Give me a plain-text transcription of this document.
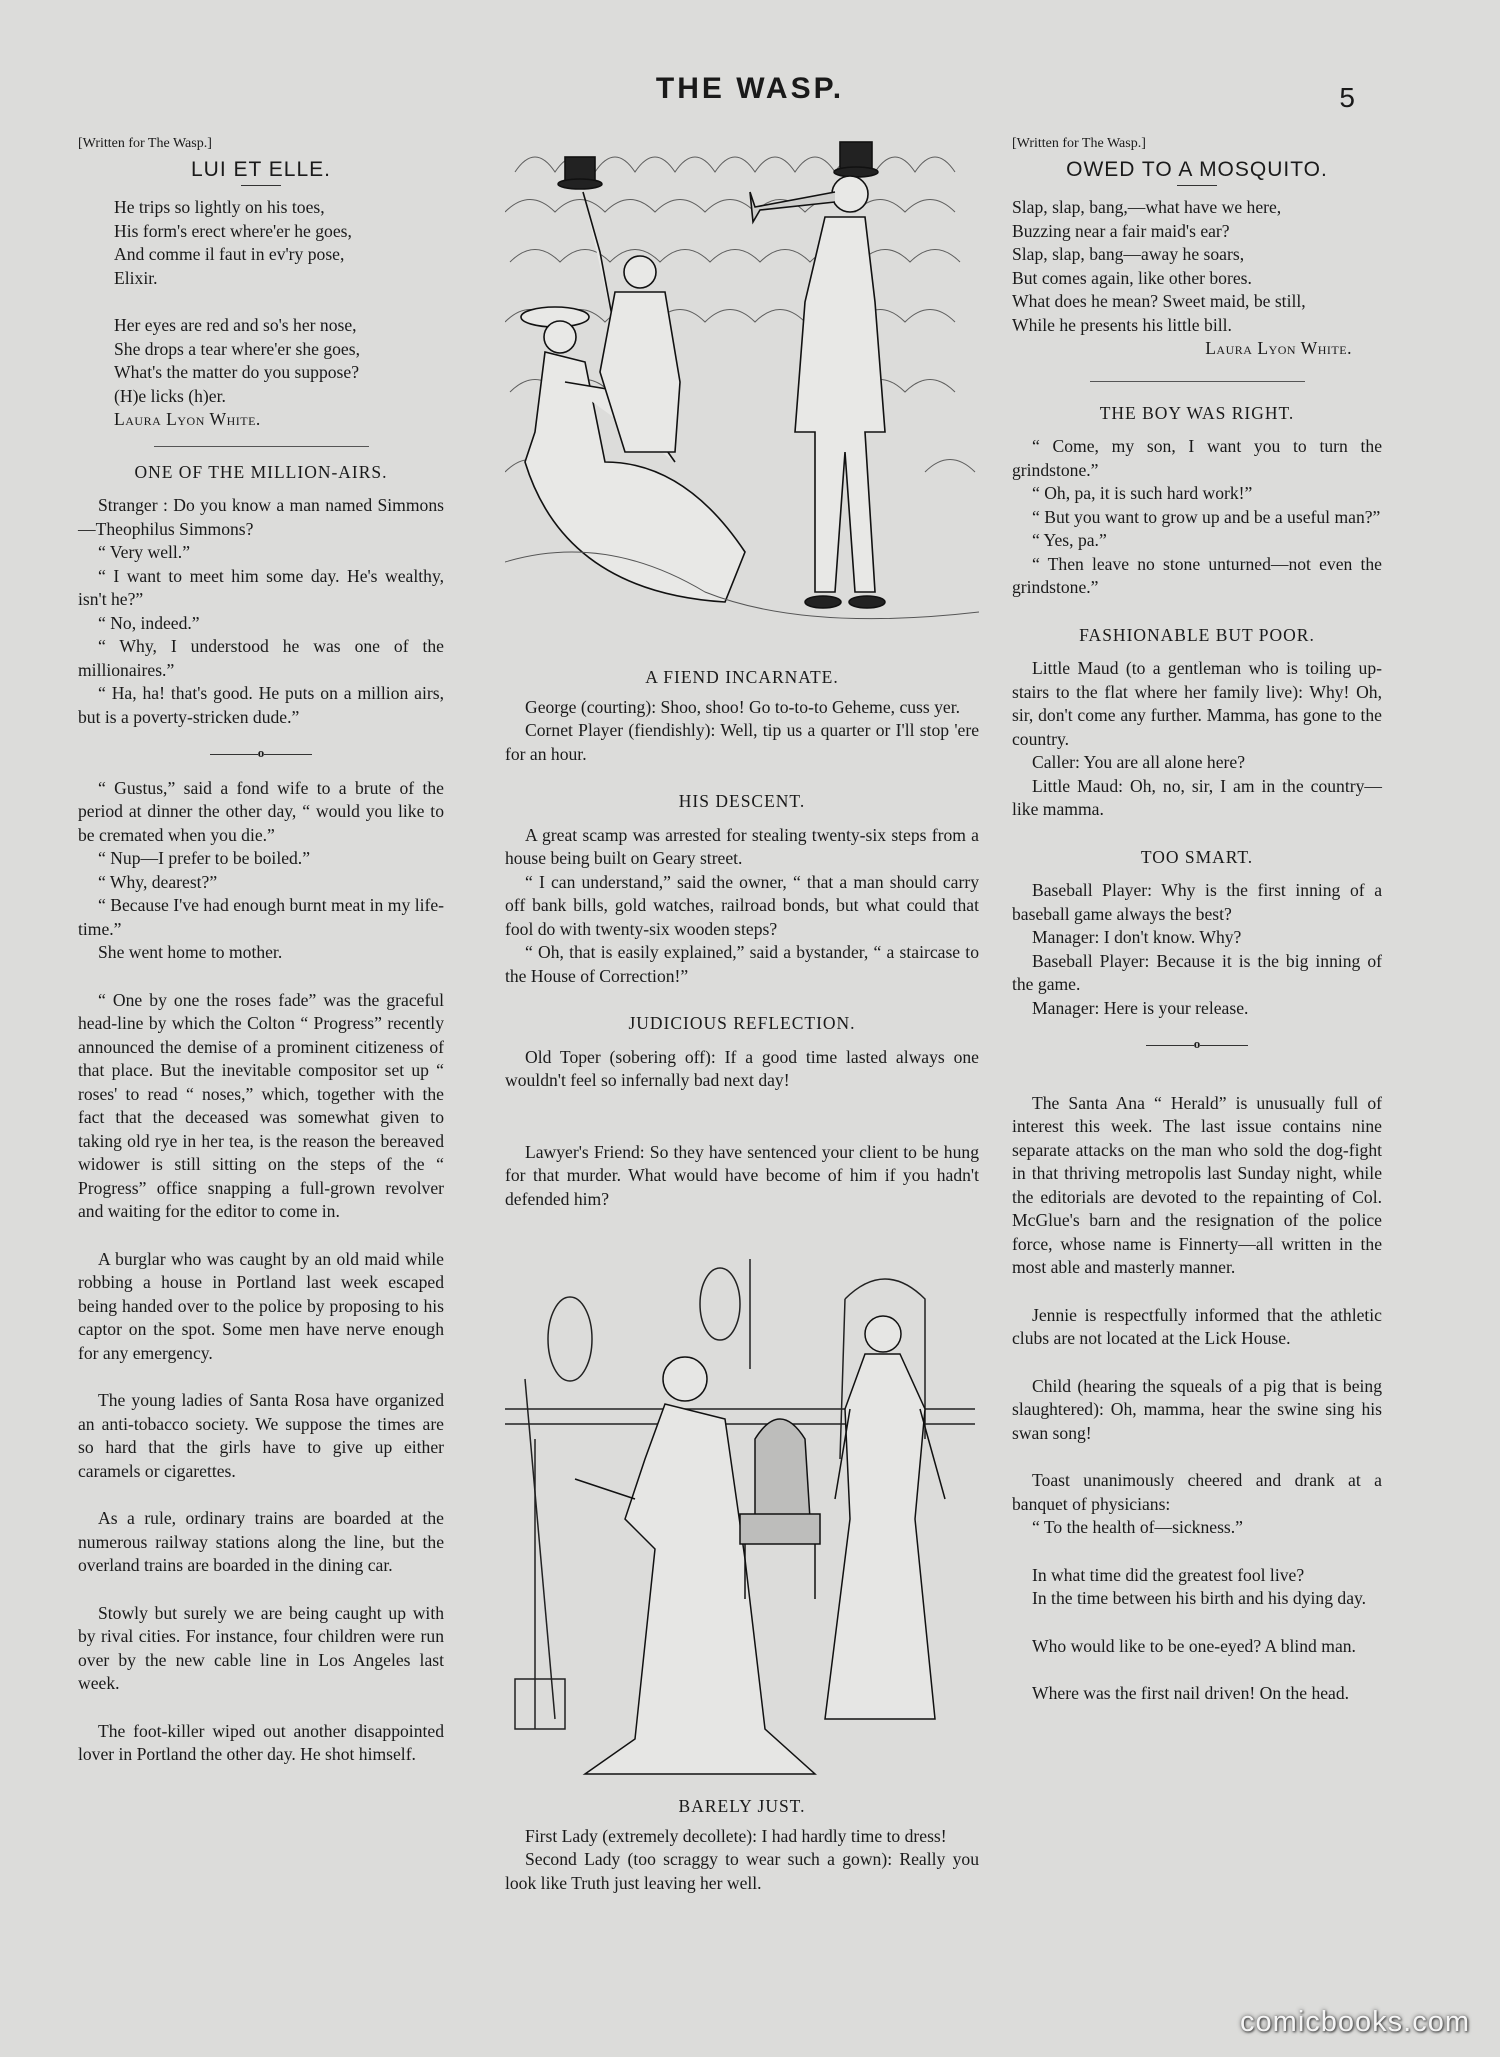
THE WASP.	5

[Written for The Wasp.]

LUI ET ELLE.

He trips so lightly on his toes,

His form's erect where'er he goes,

And comme il faut in ev'ry pose,

Elixir.

Her eyes are red and so's her nose,

She drops a tear where'er she goes,

What's the matter do you suppose?

(H)e licks (h)er.

Laura Lyon White.

ONE OF THE MILLION-AIRS.

Stranger : Do you know a man named Simmons—Theophilus Simmons?

“ Very well.”

“ I want to meet him some day. He's wealthy, isn't he?”

“ No, indeed.”

“ Why, I understood he was one of the millionaires.”

“ Ha, ha! that's good. He puts on a million airs, but is a poverty-stricken dude.”

o

“ Gustus,” said a fond wife to a brute of the period at dinner the other day, “ would you like to be cremated when you die.”

“ Nup—I prefer to be boiled.”

“ Why, dearest?”

“ Because I've had enough burnt meat in my life-time.”

She went home to mother.

“ One by one the roses fade” was the graceful head-line by which the Colton “ Progress” recently announced the demise of a prominent citizeness of that place. But the inevitable compositor set up “ roses' to read “ noses,” which, together with the fact that the deceased was somewhat given to taking old rye in her tea, is the reason the bereaved widower is still sitting on the steps of the “ Progress” office snapping a full-grown revolver and waiting for the editor to come in.

A burglar who was caught by an old maid while robbing a house in Portland last week escaped being handed over to the police by proposing to his captor on the spot. Some men have nerve enough for any emergency.

The young ladies of Santa Rosa have organized an anti-tobacco society. We suppose the times are so hard that the girls have to give up either caramels or cigarettes.

As a rule, ordinary trains are boarded at the numerous railway stations along the line, but the overland trains are boarded in the dining car.

Stowly but surely we are being caught up with by rival cities. For instance, four children were run over by the new cable line in Los Angeles last week.

The foot-killer wiped out another disappointed lover in Portland the other day. He shot himself.

A FIEND INCARNATE.

George (courting): Shoo, shoo! Go to-to-to Geheme, cuss yer.

Cornet Player (fiendishly): Well, tip us a quarter or I'll stop 'ere for an hour.

HIS DESCENT.

A great scamp was arrested for stealing twenty-six steps from a house being built on Geary street.

“ I can understand,” said the owner, “ that a man should carry off bank bills, gold watches, railroad bonds, but what could that fool do with twenty-six wooden steps?

“ Oh, that is easily explained,” said a bystander, “ a staircase to the House of Correction!”

JUDICIOUS REFLECTION.

Old Toper (sobering off): If a good time lasted always one wouldn't feel so infernally bad next day!

Lawyer's Friend: So they have sentenced your client to be hung for that murder. What would have become of him if you hadn't defended him?

BARELY JUST.

First Lady (extremely decollete): I had hardly time to dress!

Second Lady (too scraggy to wear such a gown): Really you look like Truth just leaving her well.

[Written for The Wasp.]

OWED TO A MOSQUITO.

Slap, slap, bang,—what have we here,

Buzzing near a fair maid's ear?

Slap, slap, bang—away he soars,

But comes again, like other bores.

What does he mean? Sweet maid, be still,

While he presents his little bill.

Laura Lyon White.

THE BOY WAS RIGHT.

“ Come, my son, I want you to turn the grindstone.”

“ Oh, pa, it is such hard work!”

“ But you want to grow up and be a useful man?”

“ Yes, pa.”

“ Then leave no stone unturned—not even the grindstone.”

FASHIONABLE BUT POOR.

Little Maud (to a gentleman who is toiling up-stairs to the flat where her family live): Why! Oh, sir, don't come any further. Mamma, has gone to the country.

Caller: You are all alone here?

Little Maud: Oh, no, sir, I am in the country— like mamma.

TOO SMART.

Baseball Player: Why is the first inning of a baseball game always the best?

Manager: I don't know. Why?

Baseball Player: Because it is the big inning of the game.

Manager: Here is your release.

o

The Santa Ana “ Herald” is unusually full of interest this week. The last issue contains nine separate attacks on the man who sold the dog-fight in that thriving metropolis last Sunday night, while the editorials are devoted to the repainting of Col. McGlue's barn and the resignation of the police force, whose name is Finnerty—all written in the most able and masterly manner.

Jennie is respectfully informed that the athletic clubs are not located at the Lick House.

Child (hearing the squeals of a pig that is being slaughtered): Oh, mamma, hear the swine sing his swan song!

Toast unanimously cheered and drank at a banquet of physicians:

“ To the health of—sickness.”

In what time did the greatest fool live?

In the time between his birth and his dying day.

Who would like to be one-eyed? A blind man.

Where was the first nail driven! On the head.

comicbooks.com
